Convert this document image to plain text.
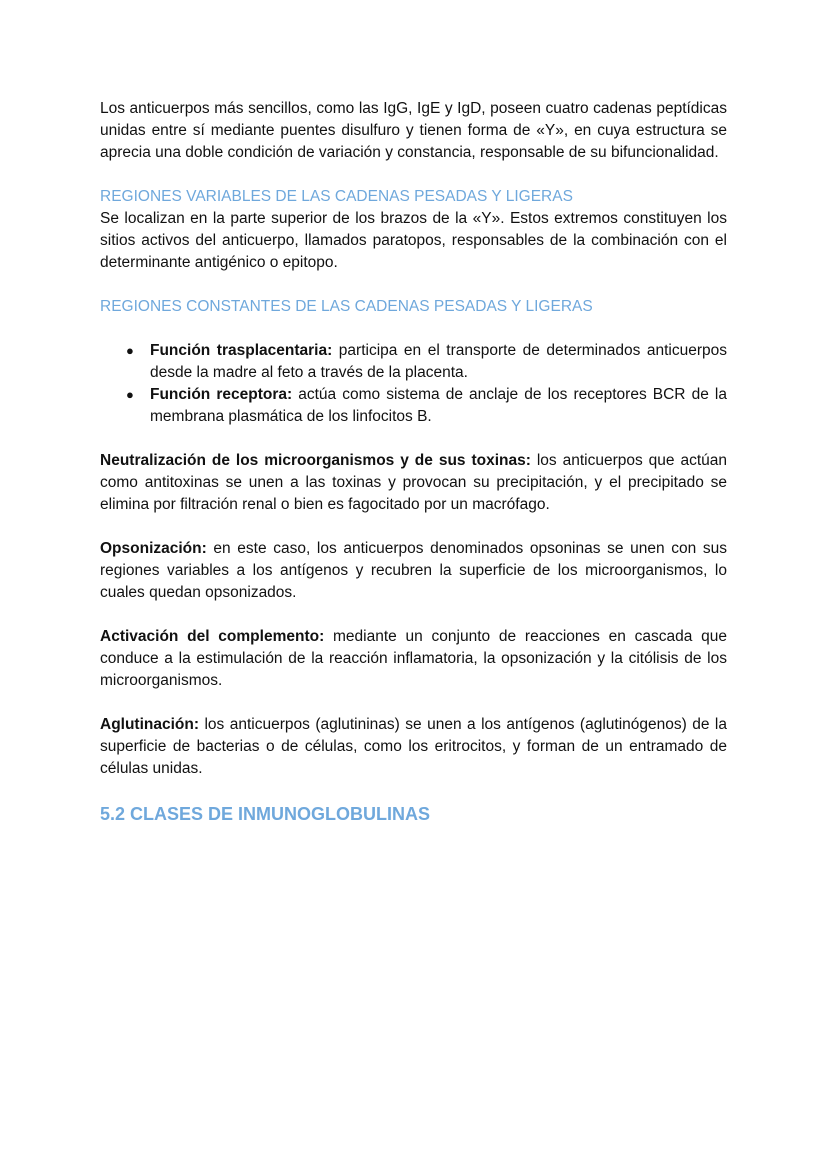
Los anticuerpos más sencillos, como las IgG, IgE y IgD, poseen cuatro cadenas peptídicas unidas entre sí mediante puentes disulfuro y tienen forma de «Y», en cuya estructura se aprecia una doble condición de variación y constancia, responsable de su bifuncionalidad.

REGIONES VARIABLES DE LAS CADENAS PESADAS Y LIGERAS

Se localizan en la parte superior de los brazos de la «Y». Estos extremos constituyen los sitios activos del anticuerpo, llamados paratopos, responsables de la combinación con el determinante antigénico o epitopo.

REGIONES CONSTANTES DE LAS CADENAS PESADAS Y LIGERAS
● Función trasplacentaria: participa en el transporte de determinados anticuerpos desde la madre al feto a través de la placenta.
● Función receptora: actúa como sistema de anclaje de los receptores BCR de la membrana plasmática de los linfocitos B.

Neutralización de los microorganismos y de sus toxinas: los anticuerpos que actúan como antitoxinas se unen a las toxinas y provocan su precipitación, y el precipitado se elimina por filtración renal o bien es fagocitado por un macrófago.

Opsonización: en este caso, los anticuerpos denominados opsoninas se unen con sus regiones variables a los antígenos y recubren la superficie de los microorganismos, lo cuales quedan opsonizados.

Activación del complemento: mediante un conjunto de reacciones en cascada que conduce a la estimulación de la reacción inflamatoria, la opsonización y la citólisis de los microorganismos.

Aglutinación: los anticuerpos (aglutininas) se unen a los antígenos (aglutinógenos) de la superficie de bacterias o de células, como los eritrocitos, y forman de un entramado de células unidas.

5.2 CLASES DE INMUNOGLOBULINAS
